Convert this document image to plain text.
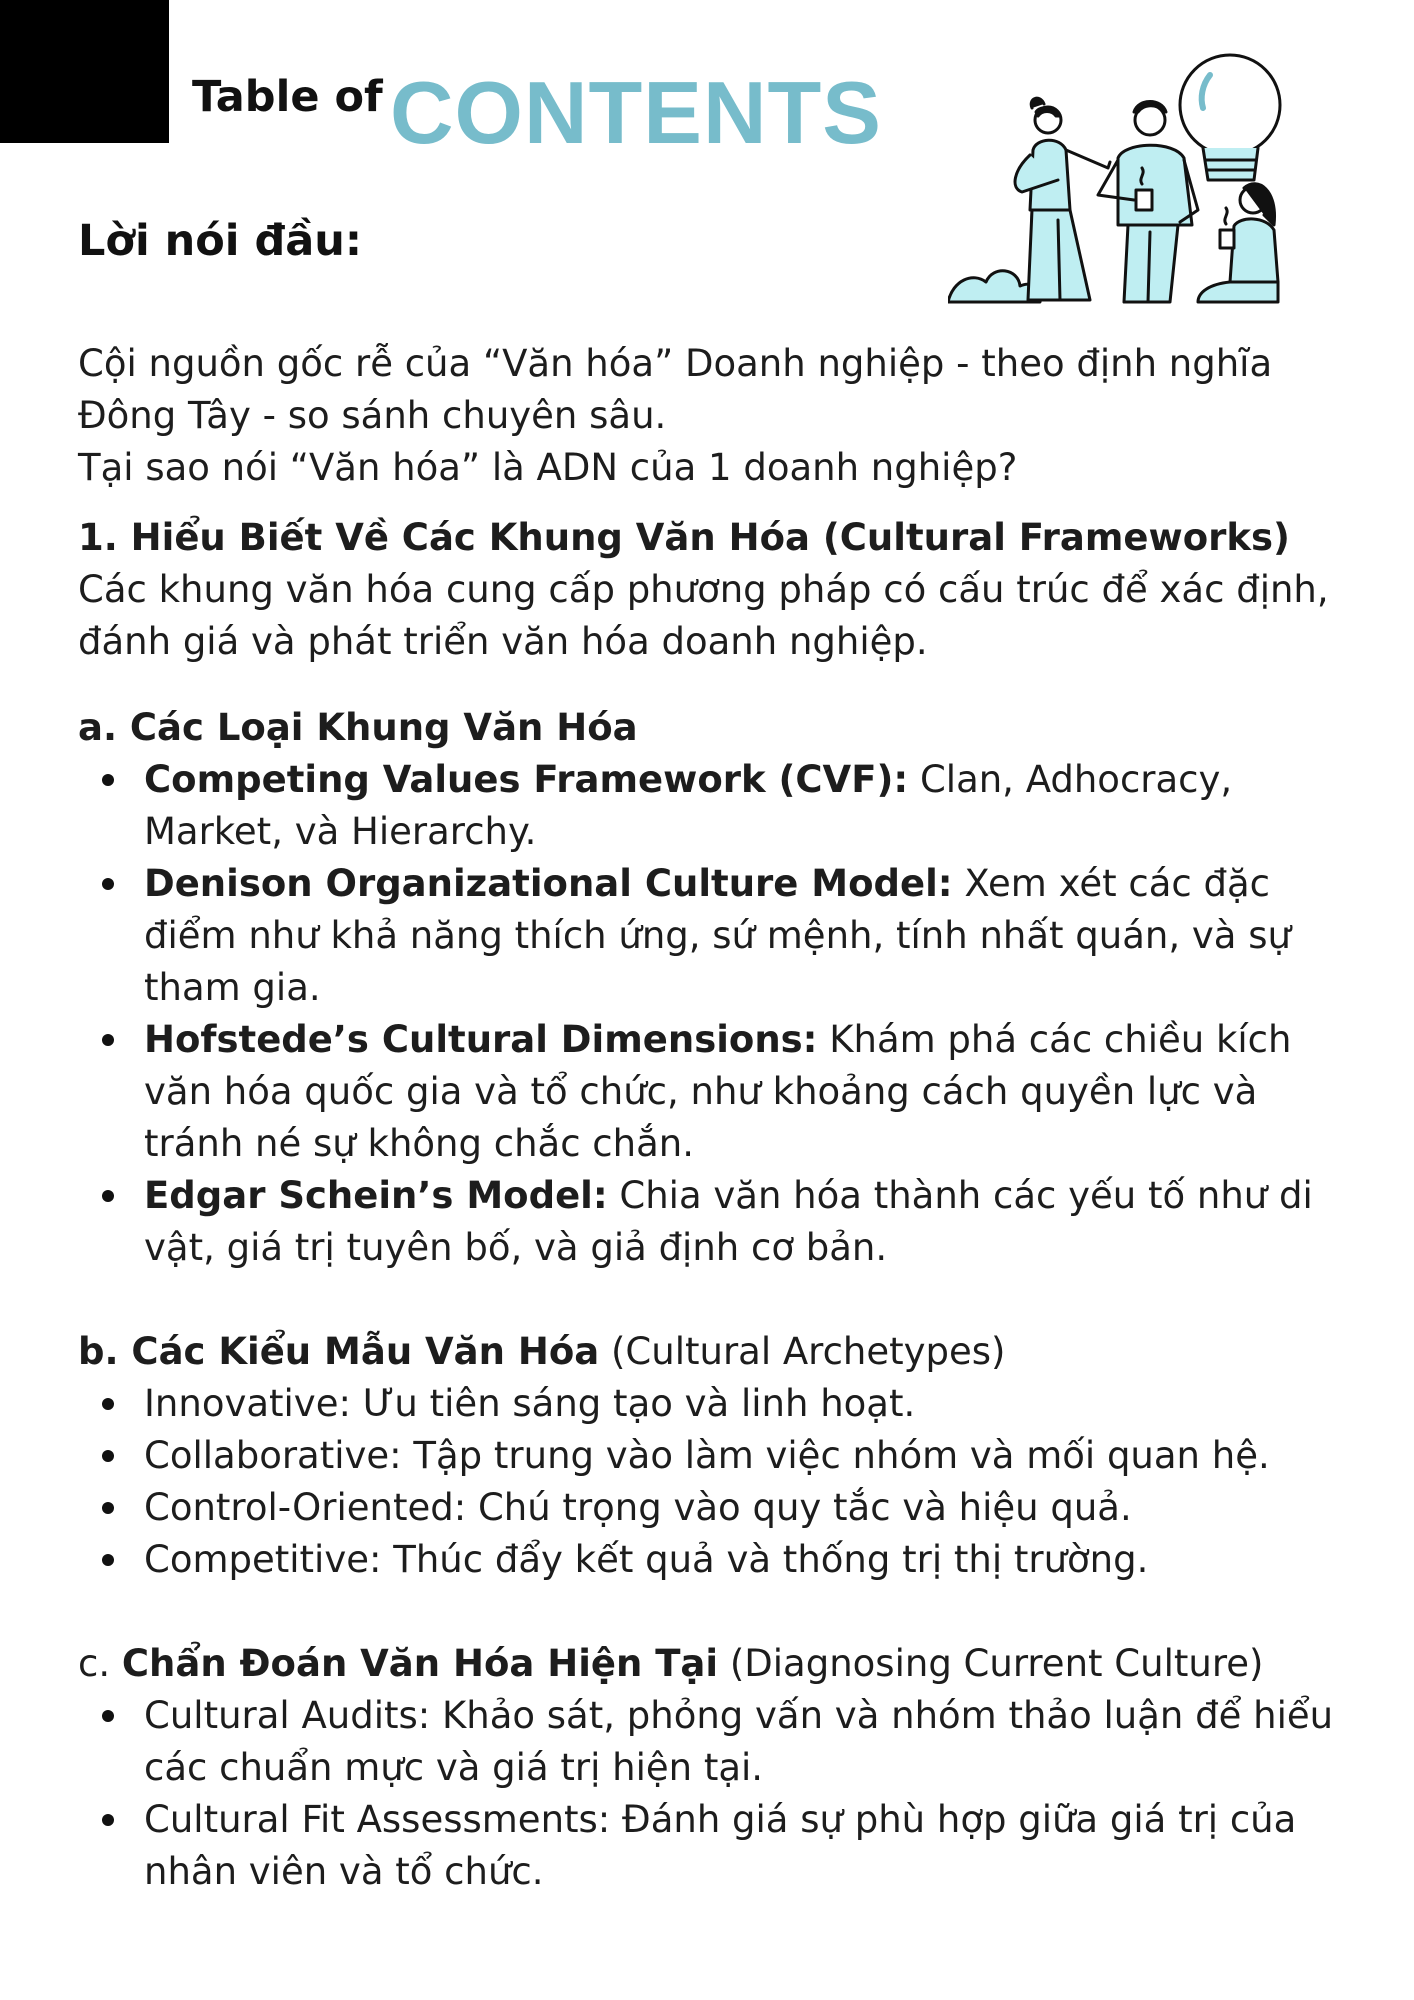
Table of CONTENTS
Lời nói đầu:

Cội nguồn gốc rễ của “Văn hóa” Doanh nghiệp - theo định nghĩa Đông Tây - so sánh chuyên sâu.

Tại sao nói “Văn hóa” là ADN của 1 doanh nghiệp?

1. Hiểu Biết Về Các Khung Văn Hóa (Cultural Frameworks)

Các khung văn hóa cung cấp phương pháp có cấu trúc để xác định, đánh giá và phát triển văn hóa doanh nghiệp.

a. Các Loại Khung Văn Hóa

Competing Values Framework (CVF): Clan, Adhocracy, Market, và Hierarchy.
Denison Organizational Culture Model: Xem xét các đặc điểm như khả năng thích ứng, sứ mệnh, tính nhất quán, và sự tham gia.
Hofstede’s Cultural Dimensions: Khám phá các chiều kích văn hóa quốc gia và tổ chức, như khoảng cách quyền lực và tránh né sự không chắc chắn.
Edgar Schein’s Model: Chia văn hóa thành các yếu tố như di vật, giá trị tuyên bố, và giả định cơ bản.

b. Các Kiểu Mẫu Văn Hóa (Cultural Archetypes)

Innovative: Ưu tiên sáng tạo và linh hoạt.
Collaborative: Tập trung vào làm việc nhóm và mối quan hệ.
Control-Oriented: Chú trọng vào quy tắc và hiệu quả.
Competitive: Thúc đẩy kết quả và thống trị thị trường.

c. Chẩn Đoán Văn Hóa Hiện Tại (Diagnosing Current Culture)

Cultural Audits: Khảo sát, phỏng vấn và nhóm thảo luận để hiểu các chuẩn mực và giá trị hiện tại.
Cultural Fit Assessments: Đánh giá sự phù hợp giữa giá trị của nhân viên và tổ chức.
